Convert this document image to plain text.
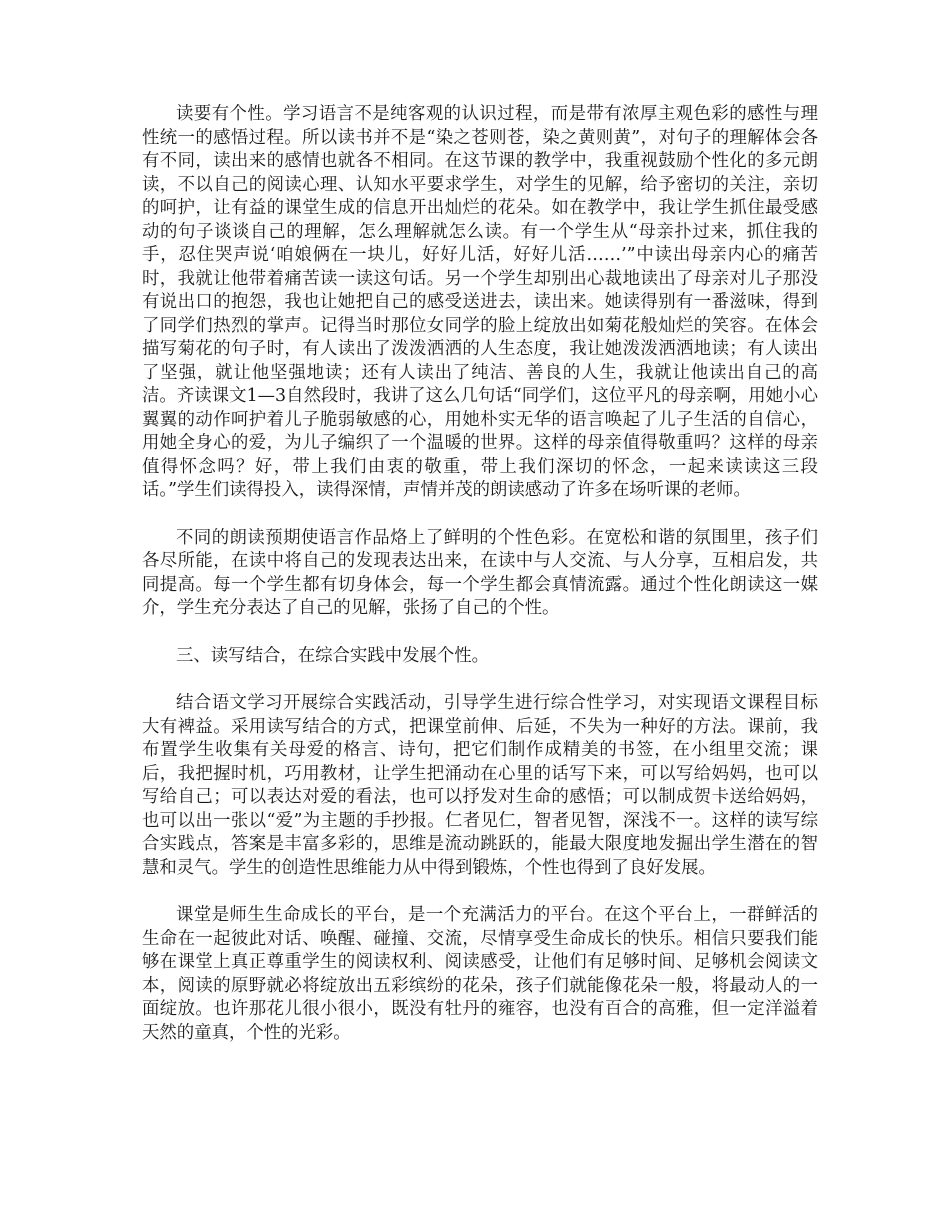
读要有个性。学习语言不是纯客观的认识过程，而是带有浓厚主观色彩的感性与理性统一的感悟过程。所以读书并不是“染之苍则苍，染之黄则黄”，对句子的理解体会各有不同，读出来的感情也就各不相同。在这节课的教学中，我重视鼓励个性化的多元朗读，不以自己的阅读心理、认知水平要求学生，对学生的见解，给予密切的关注，亲切的呵护，让有益的课堂生成的信息开出灿烂的花朵。如在教学中，我让学生抓住最受感动的句子谈谈自己的理解，怎么理解就怎么读。有一个学生从“母亲扑过来，抓住我的手，忍住哭声说‘咱娘俩在一块儿，好好儿活，好好儿活……’”中读出母亲内心的痛苦时，我就让他带着痛苦读一读这句话。另一个学生却别出心裁地读出了母亲对儿子那没有说出口的抱怨，我也让她把自己的感受送进去，读出来。她读得别有一番滋味，得到了同学们热烈的掌声。记得当时那位女同学的脸上绽放出如菊花般灿烂的笑容。在体会描写菊花的句子时，有人读出了泼泼洒洒的人生态度，我让她泼泼洒洒地读；有人读出了坚强，就让他坚强地读；还有人读出了纯洁、善良的人生，我就让他读出自己的高洁。齐读课文1—3自然段时，我讲了这么几句话“同学们，这位平凡的母亲啊，用她小心翼翼的动作呵护着儿子脆弱敏感的心，用她朴实无华的语言唤起了儿子生活的自信心，用她全身心的爱，为儿子编织了一个温暖的世界。这样的母亲值得敬重吗？这样的母亲值得怀念吗？好，带上我们由衷的敬重，带上我们深切的怀念，一起来读读这三段话。”学生们读得投入，读得深情，声情并茂的朗读感动了许多在场听课的老师。

不同的朗读预期使语言作品烙上了鲜明的个性色彩。在宽松和谐的氛围里，孩子们各尽所能，在读中将自己的发现表达出来，在读中与人交流、与人分享，互相启发，共同提高。每一个学生都有切身体会，每一个学生都会真情流露。通过个性化朗读这一媒介，学生充分表达了自己的见解，张扬了自己的个性。

三、读写结合，在综合实践中发展个性。

结合语文学习开展综合实践活动，引导学生进行综合性学习，对实现语文课程目标大有裨益。采用读写结合的方式，把课堂前伸、后延，不失为一种好的方法。课前，我布置学生收集有关母爱的格言、诗句，把它们制作成精美的书签，在小组里交流；课后，我把握时机，巧用教材，让学生把涌动在心里的话写下来，可以写给妈妈，也可以写给自己；可以表达对爱的看法，也可以抒发对生命的感悟；可以制成贺卡送给妈妈，也可以出一张以“爱”为主题的手抄报。仁者见仁，智者见智，深浅不一。这样的读写综合实践点，答案是丰富多彩的，思维是流动跳跃的，能最大限度地发掘出学生潜在的智慧和灵气。学生的创造性思维能力从中得到锻炼，个性也得到了良好发展。

课堂是师生生命成长的平台，是一个充满活力的平台。在这个平台上，一群鲜活的生命在一起彼此对话、唤醒、碰撞、交流，尽情享受生命成长的快乐。相信只要我们能够在课堂上真正尊重学生的阅读权利、阅读感受，让他们有足够时间、足够机会阅读文本，阅读的原野就必将绽放出五彩缤纷的花朵，孩子们就能像花朵一般，将最动人的一面绽放。也许那花儿很小很小，既没有牡丹的雍容，也没有百合的高雅，但一定洋溢着天然的童真，个性的光彩。
